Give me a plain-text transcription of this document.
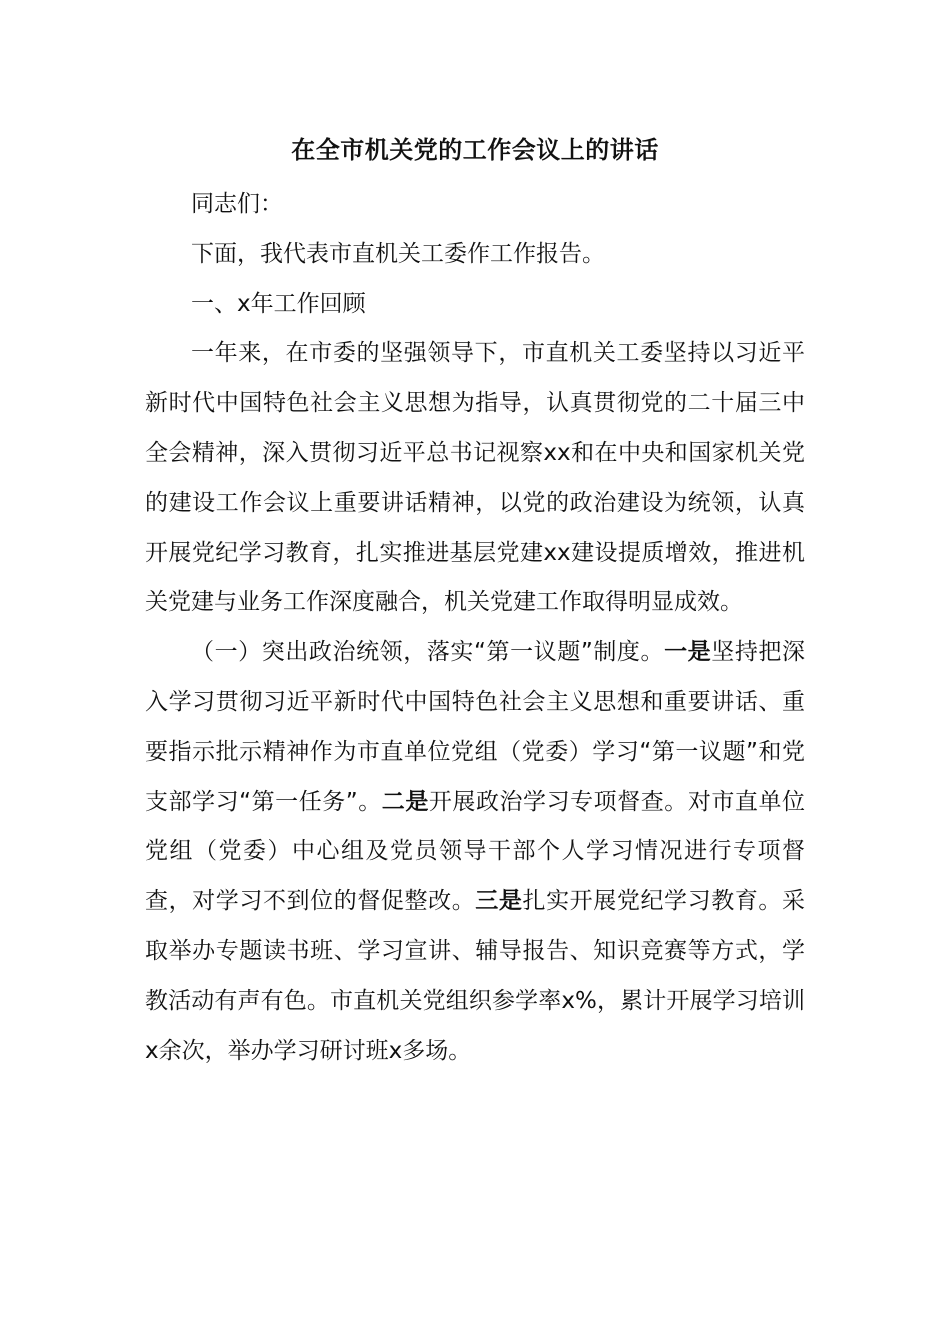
在全市机关党的工作会议上的讲话

同志们：

下面，我代表市直机关工委作工作报告。

一、x年工作回顾

一年来，在市委的坚强领导下，市直机关工委坚持以习近平新时代中国特色社会主义思想为指导，认真贯彻党的二十届三中全会精神，深入贯彻习近平总书记视察xx和在中央和国家机关党的建设工作会议上重要讲话精神，以党的政治建设为统领，认真开展党纪学习教育，扎实推进基层党建xx建设提质增效，推进机关党建与业务工作深度融合，机关党建工作取得明显成效。

（一）突出政治统领，落实“第一议题”制度。一是坚持把深入学习贯彻习近平新时代中国特色社会主义思想和重要讲话、重要指示批示精神作为市直单位党组（党委）学习“第一议题”和党支部学习“第一任务”。二是开展政治学习专项督查。对市直单位党组（党委）中心组及党员领导干部个人学习情况进行专项督查，对学习不到位的督促整改。三是扎实开展党纪学习教育。采取举办专题读书班、学习宣讲、辅导报告、知识竞赛等方式，学教活动有声有色。市直机关党组织参学率x%，累计开展学习培训x余次，举办学习研讨班x多场。
